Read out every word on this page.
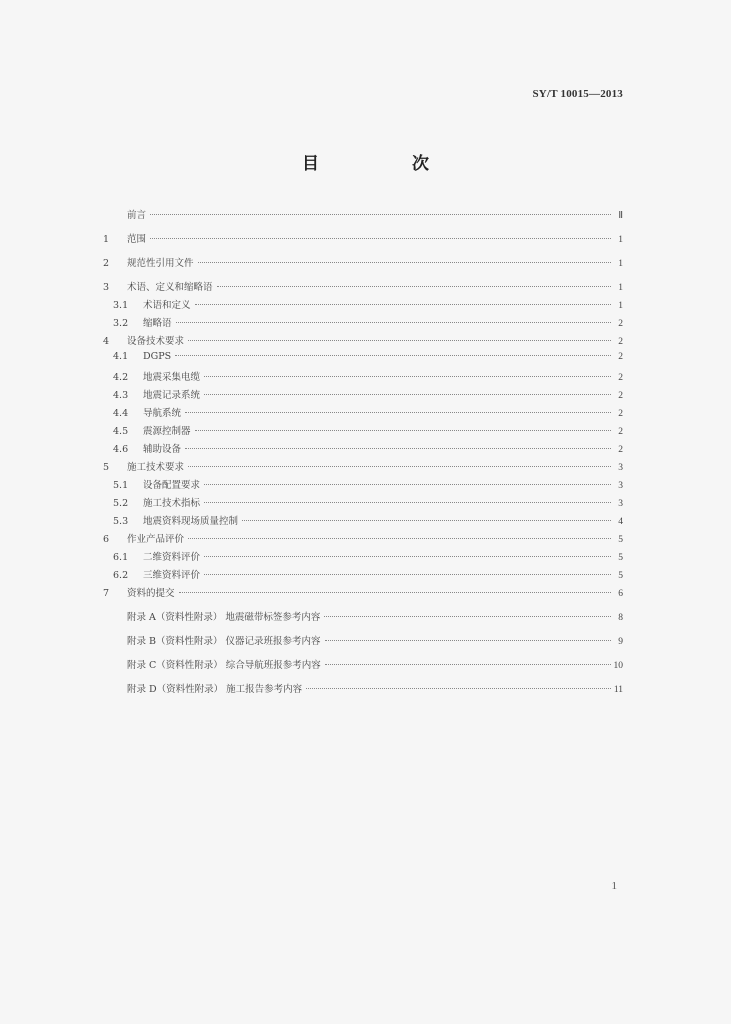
SY/T 10015—2013
目　次
前言	Ⅱ
1	范围	1
2	规范性引用文件	1
3	术语、定义和缩略语	1
3.1	术语和定义	1
3.2	缩略语	2
4	设备技术要求	2
4.1	DGPS	2
4.2	地震采集电缆	2
4.3	地震记录系统	2
4.4	导航系统	2
4.5	震源控制器	2
4.6	辅助设备	2
5	施工技术要求	3
5.1	设备配置要求	3
5.2	施工技术指标	3
5.3	地震资料现场质量控制	4
6	作业产品评价	5
6.1	二维资料评价	5
6.2	三维资料评价	5
7	资料的提交	6
附录 A（资料性附录） 地震磁带标签参考内容	8
附录 B（资料性附录） 仪器记录班报参考内容	9
附录 C（资料性附录） 综合导航班报参考内容	10
附录 D（资料性附录） 施工报告参考内容	11
1
